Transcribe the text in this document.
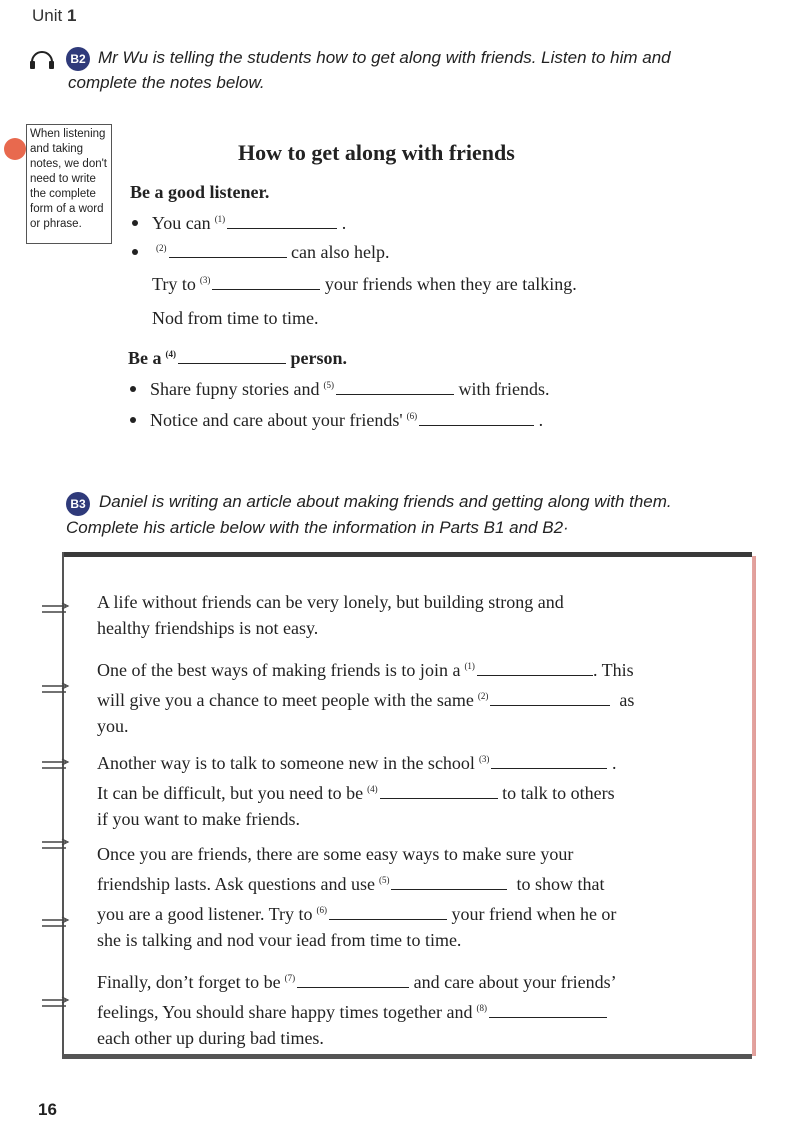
Unit 1
B2 Mr Wu is telling the students how to get along with friends. Listen to him and
complete the notes below.
When listening
and taking
notes, we don't
need to write
the complete
form of a word
or phrase.
How to get along with friends
Be a good listener.
You can $^{(1)}$	.
$^{(2)}$	can also help.
Try to $^{(3)}$	your friends when they are talking.
Nod from time to time.
Be a $^{(4)}$	person.
Share fupny stories and $^{(5)}$	with friends.
Notice and care about your friends' $^{(6)}$	.
B3 Daniel is writing an article about making friends and getting along with them.
Complete his article below with the information in Parts B1 and B2·
A life without friends can be very lonely, but building strong and
healthy friendships is not easy.
One of the best ways of making friends is to join a $^{(1)}$	. This
will give you a chance to meet people with the same $^{(2)}$	as
you.
Another way is to talk to someone new in the school $^{(3)}$	.
It can be difficult, but you need to be $^{(4)}$	to talk to others
if you want to make friends.
Once you are friends, there are some easy ways to make sure your
friendship lasts. Ask questions and use $^{(5)}$	to show that
you are a good listener. Try to $^{(6)}$	your friend when he or
she is talking and nod vour iead from time to time.
Finally, don’t forget to be $^{(7)}$	and care about your friends’
feelings, You should share happy times together and $^{(8)}$
each other up during bad times.
16
